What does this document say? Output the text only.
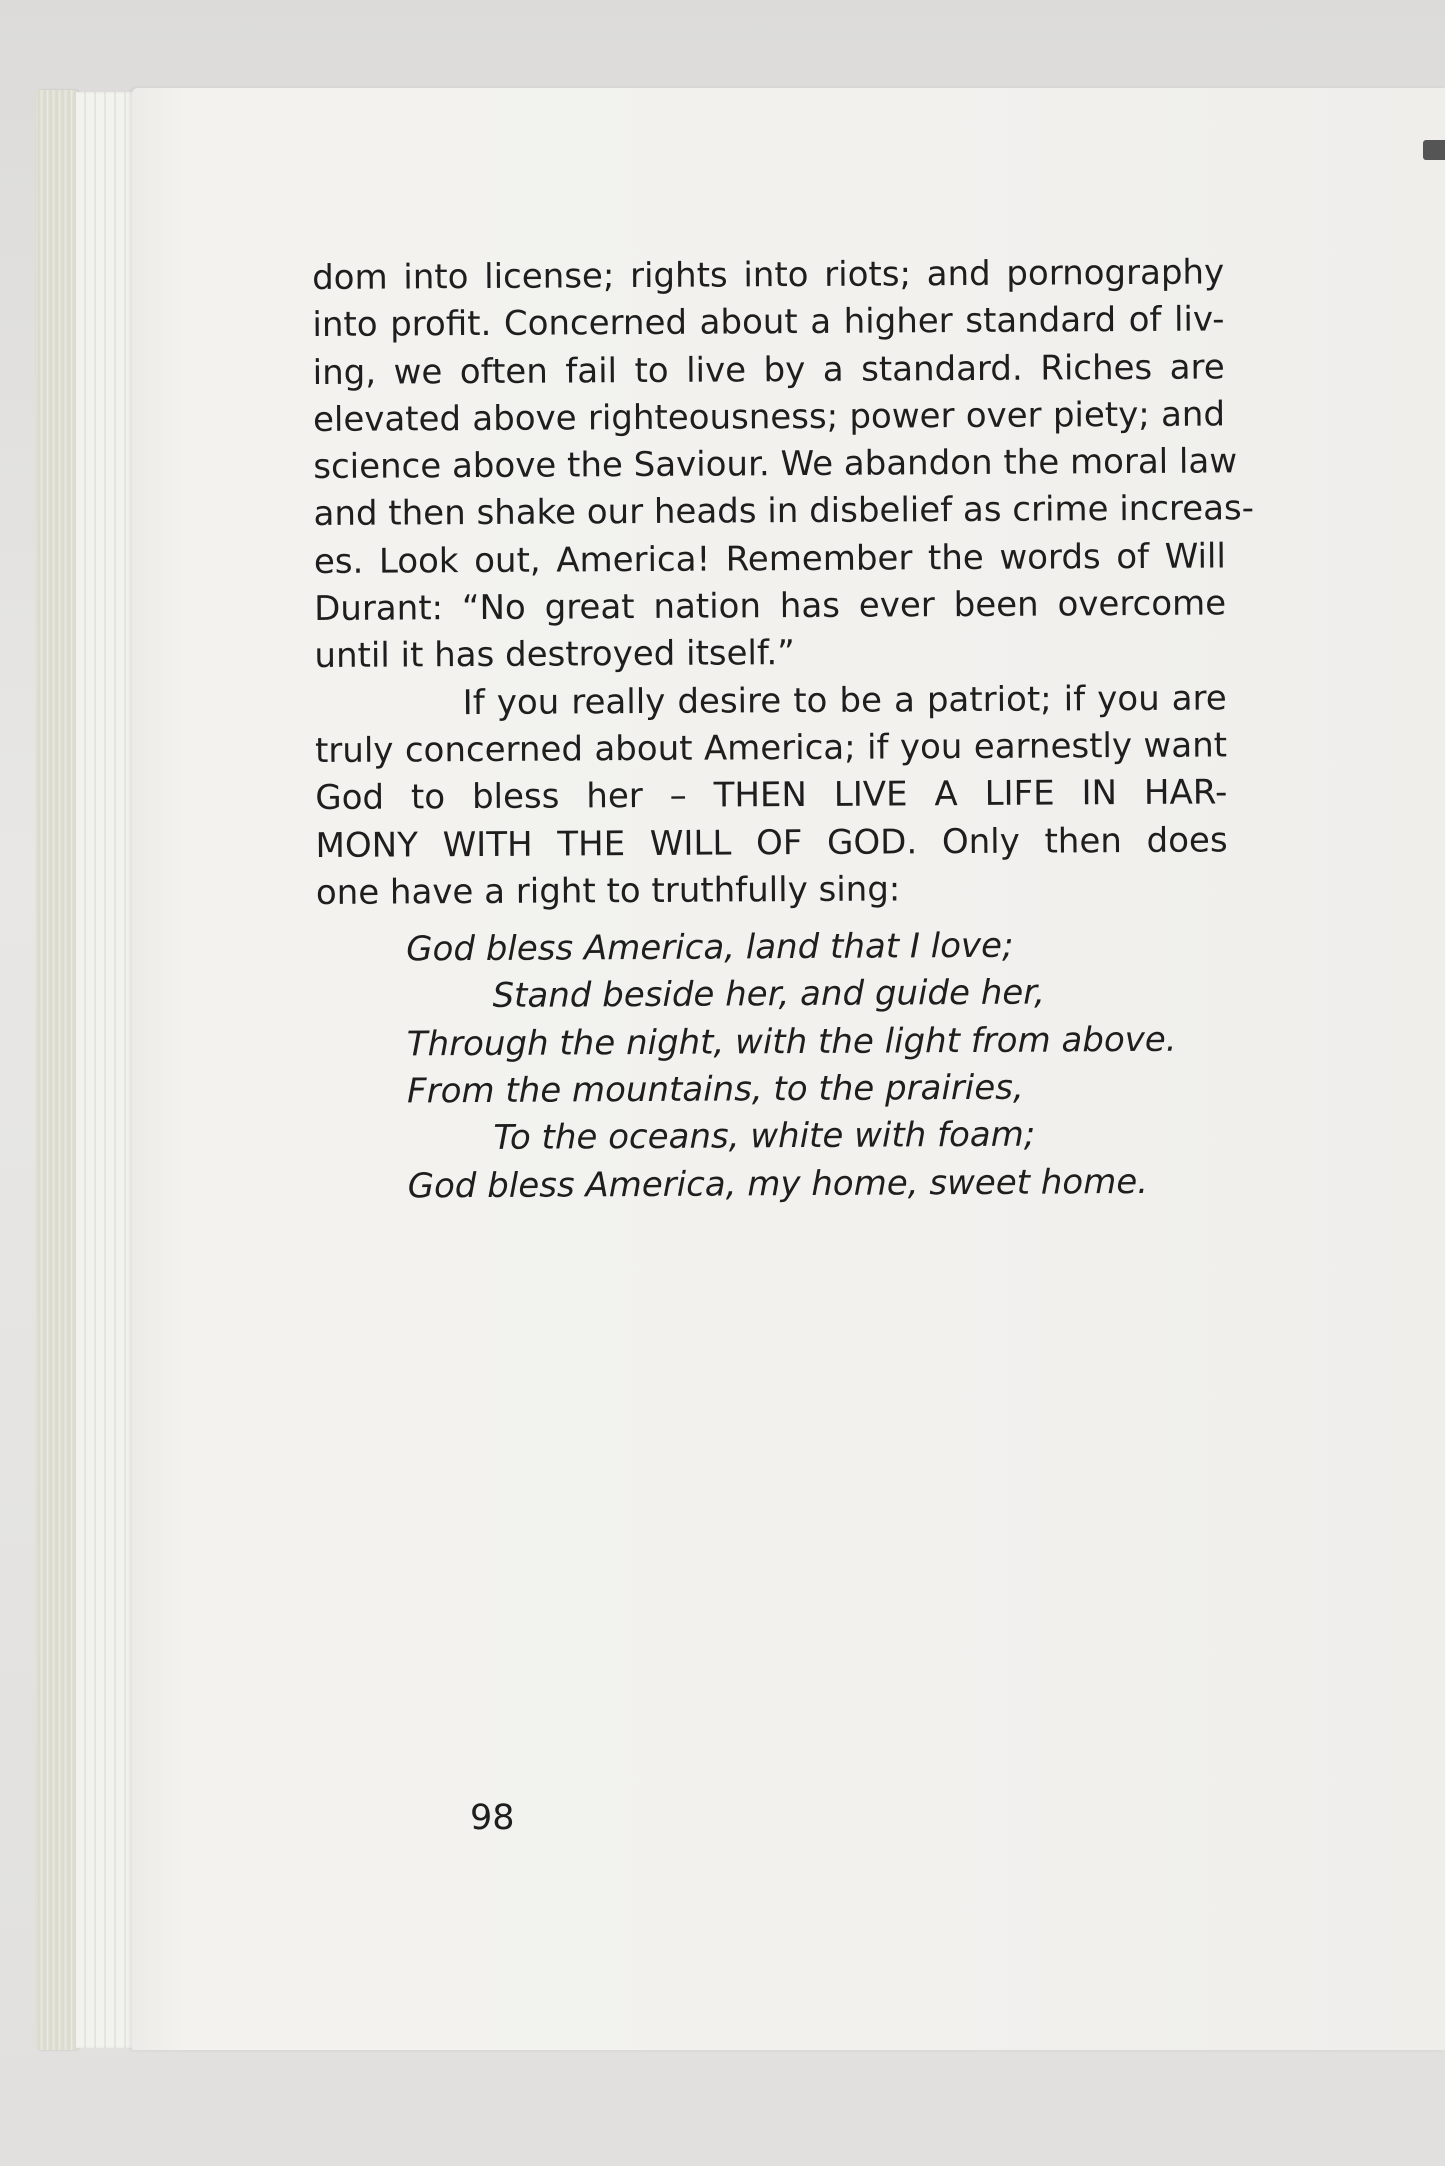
dom into license; rights into riots; and pornography
into profit. Concerned about a higher standard of liv-
ing, we often fail to live by a standard. Riches are
elevated above righteousness; power over piety; and
science above the Saviour. We abandon the moral law
and then shake our heads in disbelief as crime increas-
es. Look out, America! Remember the words of Will
Durant: “No great nation has ever been overcome
until it has destroyed itself.”
If you really desire to be a patriot; if you are
truly concerned about America; if you earnestly want
God to bless her – THEN LIVE A LIFE IN HAR-
MONY WITH THE WILL OF GOD. Only then does
one have a right to truthfully sing:
God bless America, land that I love;
Stand beside her, and guide her,
Through the night, with the light from above.
From the mountains, to the prairies,
To the oceans, white with foam;
God bless America, my home, sweet home.
98
